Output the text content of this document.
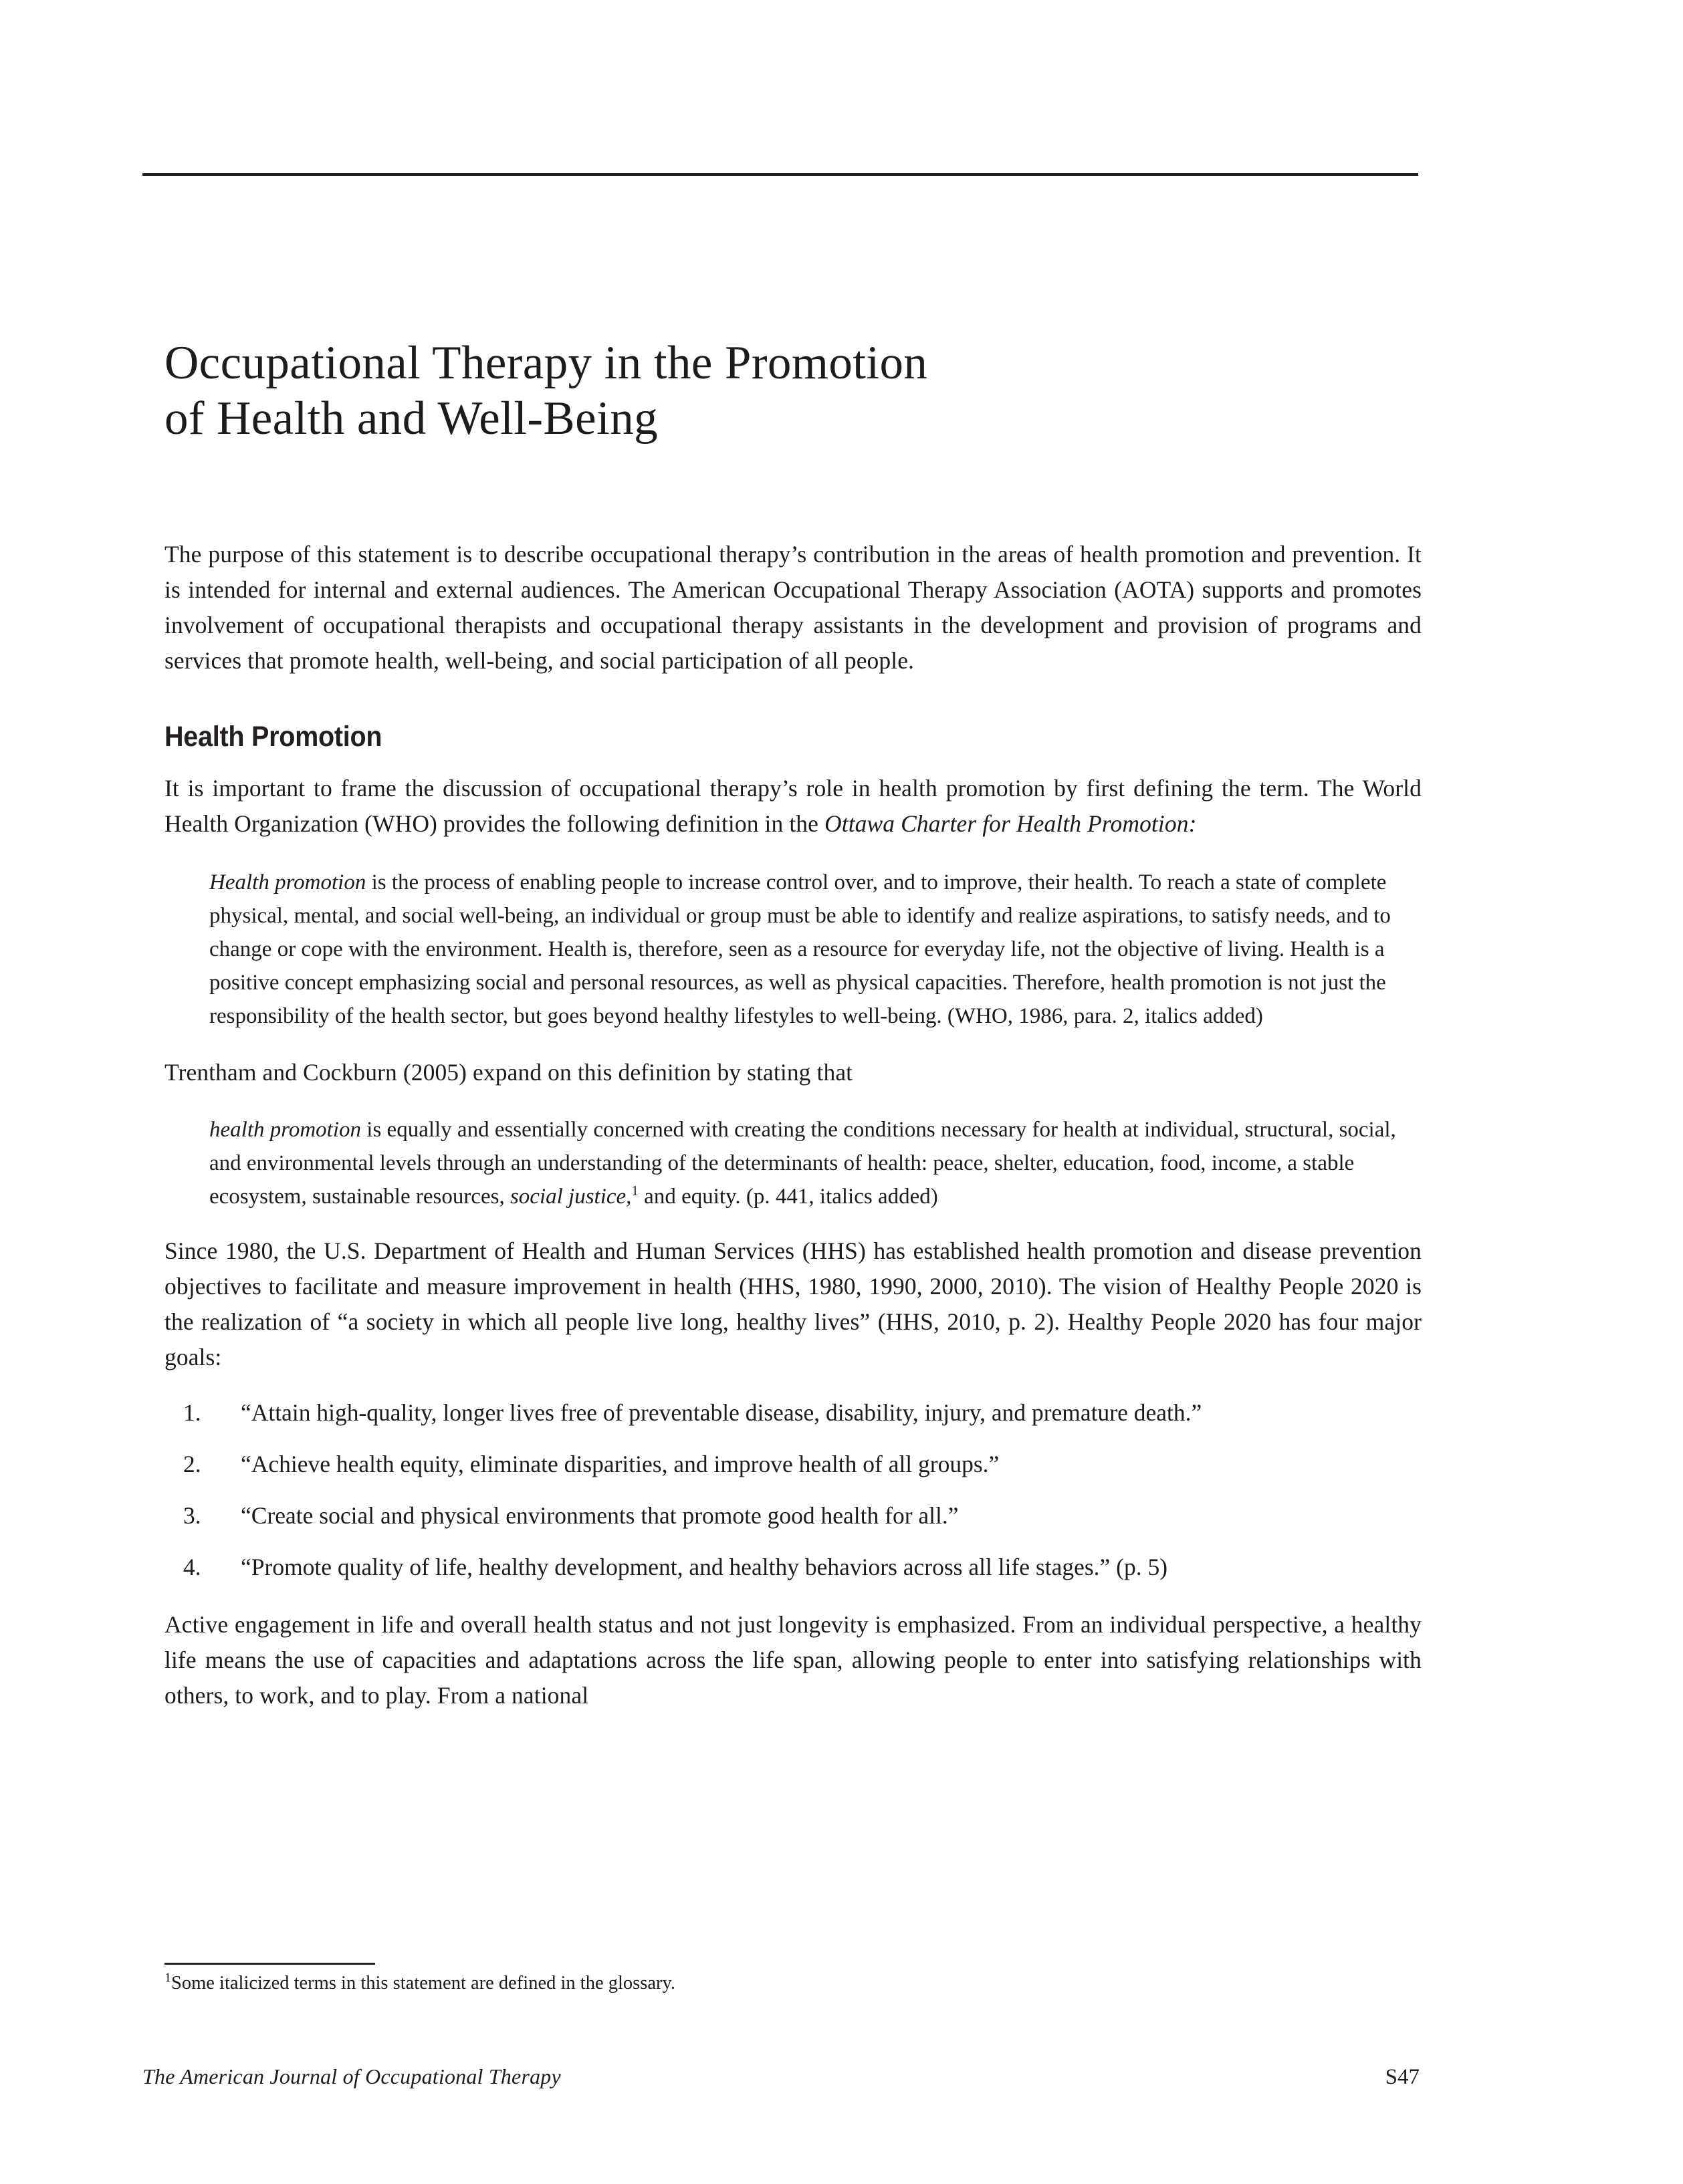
Occupational Therapy in the Promotion
of Health and Well-Being

The purpose of this statement is to describe occupational therapy’s contribution in the areas of health promotion and prevention. It is intended for internal and external audiences. The American Occupational Therapy Association (AOTA) supports and promotes involvement of occupational therapists and occupational therapy assistants in the development and provision of programs and services that promote health, well-being, and social participation of all people.

Health Promotion

It is important to frame the discussion of occupational therapy’s role in health promotion by first defining the term. The World Health Organization (WHO) provides the following definition in the Ottawa Charter for Health Promotion:

Health promotion is the process of enabling people to increase control over, and to improve, their health. To reach a state of complete physical, mental, and social well-being, an individual or group must be able to identify and realize aspirations, to satisfy needs, and to change or cope with the environment. Health is, therefore, seen as a resource for everyday life, not the objective of living. Health is a positive concept emphasizing social and personal resources, as well as physical capacities. Therefore, health promotion is not just the responsibility of the health sector, but goes beyond healthy lifestyles to well-being. (WHO, 1986, para. 2, italics added)

Trentham and Cockburn (2005) expand on this definition by stating that

health promotion is equally and essentially concerned with creating the conditions necessary for health at individual, structural, social, and environmental levels through an understanding of the determinants of health: peace, shelter, education, food, income, a stable ecosystem, sustainable resources, social justice,$^1$ and equity. (p. 441, italics added)

Since 1980, the U.S. Department of Health and Human Services (HHS) has established health promotion and disease prevention objectives to facilitate and measure improvement in health (HHS, 1980, 1990, 2000, 2010). The vision of Healthy People 2020 is the realization of “a society in which all people live long, healthy lives” (HHS, 2010, p. 2). Healthy People 2020 has four major goals:

1.	“Attain high-quality, longer lives free of preventable disease, disability, injury, and premature death.”
2.	“Achieve health equity, eliminate disparities, and improve health of all groups.”
3.	“Create social and physical environments that promote good health for all.”
4.	“Promote quality of life, healthy development, and healthy behaviors across all life stages.” (p. 5)

Active engagement in life and overall health status and not just longevity is emphasized. From an individual perspective, a healthy life means the use of capacities and adaptations across the life span, allowing people to enter into satisfying relationships with others, to work, and to play. From a national

$^1$Some italicized terms in this statement are defined in the glossary.
The American Journal of Occupational Therapy	S47
